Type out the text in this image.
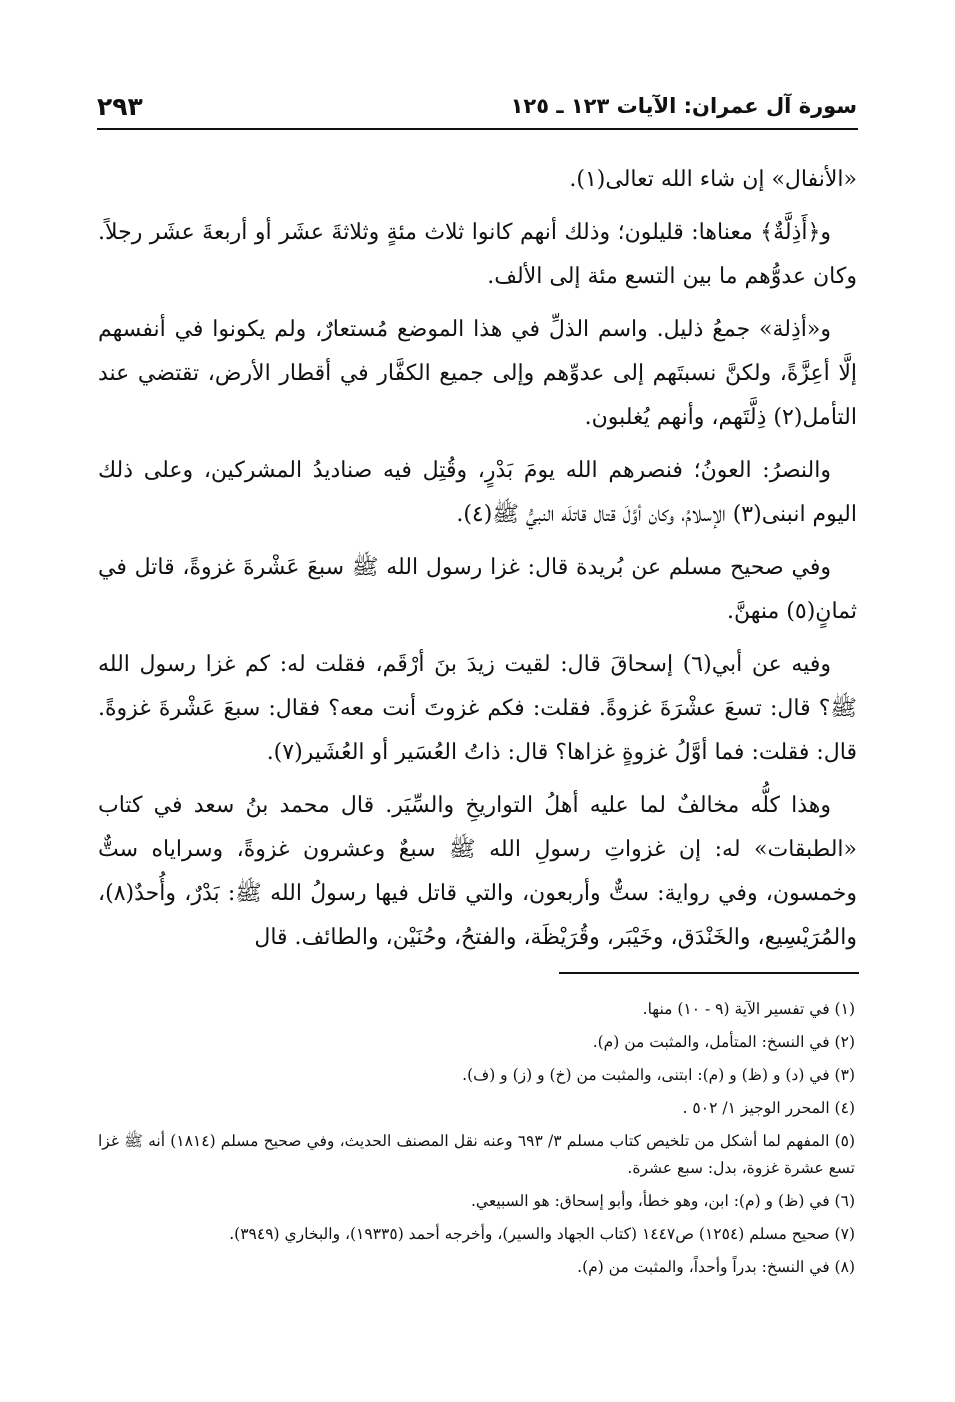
سورة آل عمران: الآيات ١٢٣ ـ ١٢٥
٢٩٣

«الأنفال» إن شاء الله تعالى(١).

و﴿أَذِلَّةٌ﴾ معناها: قليلون؛ وذلك أنهم كانوا ثلاث مئةٍ وثلاثةَ عشَر أو أربعةَ عشَر رجلاً. وكان عدوُّهم ما بين التسع مئة إلى الألف.

و«أذِلة» جمعُ ذليل. واسم الذلِّ في هذا الموضع مُستعارٌ، ولم يكونوا في أنفسهم إلَّا أعِزَّةً، ولكنَّ نسبتَهم إلى عدوِّهم وإلى جميع الكفَّار في أقطار الأرض، تقتضي عند التأمل(٢) ذِلَّتَهم، وأنهم يُغلبون.

والنصرُ: العونُ؛ فنصرهم الله يومَ بَدْرٍ، وقُتِل فيه صناديدُ المشركين، وعلى ذلك اليوم انبنى(٣) الإسلامُ، وكان أوَّلَ قتال قاتلَه النبيُّ ﷺ(٤).

وفي صحيح مسلم عن بُريدة قال: غزا رسول الله ﷺ سبعَ عَشْرةَ غزوةً، قاتل في ثمانٍ(٥) منهنَّ.

وفيه عن أبي(٦) إسحاقَ قال: لقيت زيدَ بنَ أرْقَم، فقلت له: كم غزا رسول الله ﷺ؟ قال: تسعَ عشْرَةَ غزوةً. فقلت: فكم غزوتَ أنت معه؟ فقال: سبعَ عَشْرةَ غزوةً. قال: فقلت: فما أوَّلُ غزوةٍ غزاها؟ قال: ذاتُ العُسَير أو العُشَير(٧).

وهذا كلُّه مخالفٌ لما عليه أهلُ التواريخِ والسِّيَر. قال محمد بنُ سعد في كتاب «الطبقات» له: إن غزواتِ رسولِ الله ﷺ سبعٌ وعشرون غزوةً، وسراياه ستٌّ وخمسون، وفي رواية: ستٌّ وأربعون، والتي قاتل فيها رسولُ الله ﷺ: بَدْرٌ، وأُحدٌ(٨)، والمُرَيْسِيع، والخَنْدَق، وخَيْبَر، وقُرَيْظَة، والفتحُ، وحُنَيْن، والطائف. قال

(١) في تفسير الآية (٩ - ١٠) منها.

(٢) في النسخ: المتأمل، والمثبت من (م).

(٣) في (د) و (ظ) و (م): ابتنى، والمثبت من (خ) و (ز) و (ف).

(٤) المحرر الوجيز ١/ ٥٠٢ .

(٥) المفهم لما أشكل من تلخيص كتاب مسلم ٣/ ٦٩٣ وعنه نقل المصنف الحديث، وفي صحيح مسلم (١٨١٤) أنه ﷺ غزا تسع عشرة غزوة، بدل: سبع عشرة.

(٦) في (ظ) و (م): ابن، وهو خطأ، وأبو إسحاق: هو السبيعي.

(٧) صحيح مسلم (١٢٥٤) ص١٤٤٧ (كتاب الجهاد والسير)، وأخرجه أحمد (١٩٣٣٥)، والبخاري (٣٩٤٩).

(٨) في النسخ: بدراً وأحداً، والمثبت من (م).
